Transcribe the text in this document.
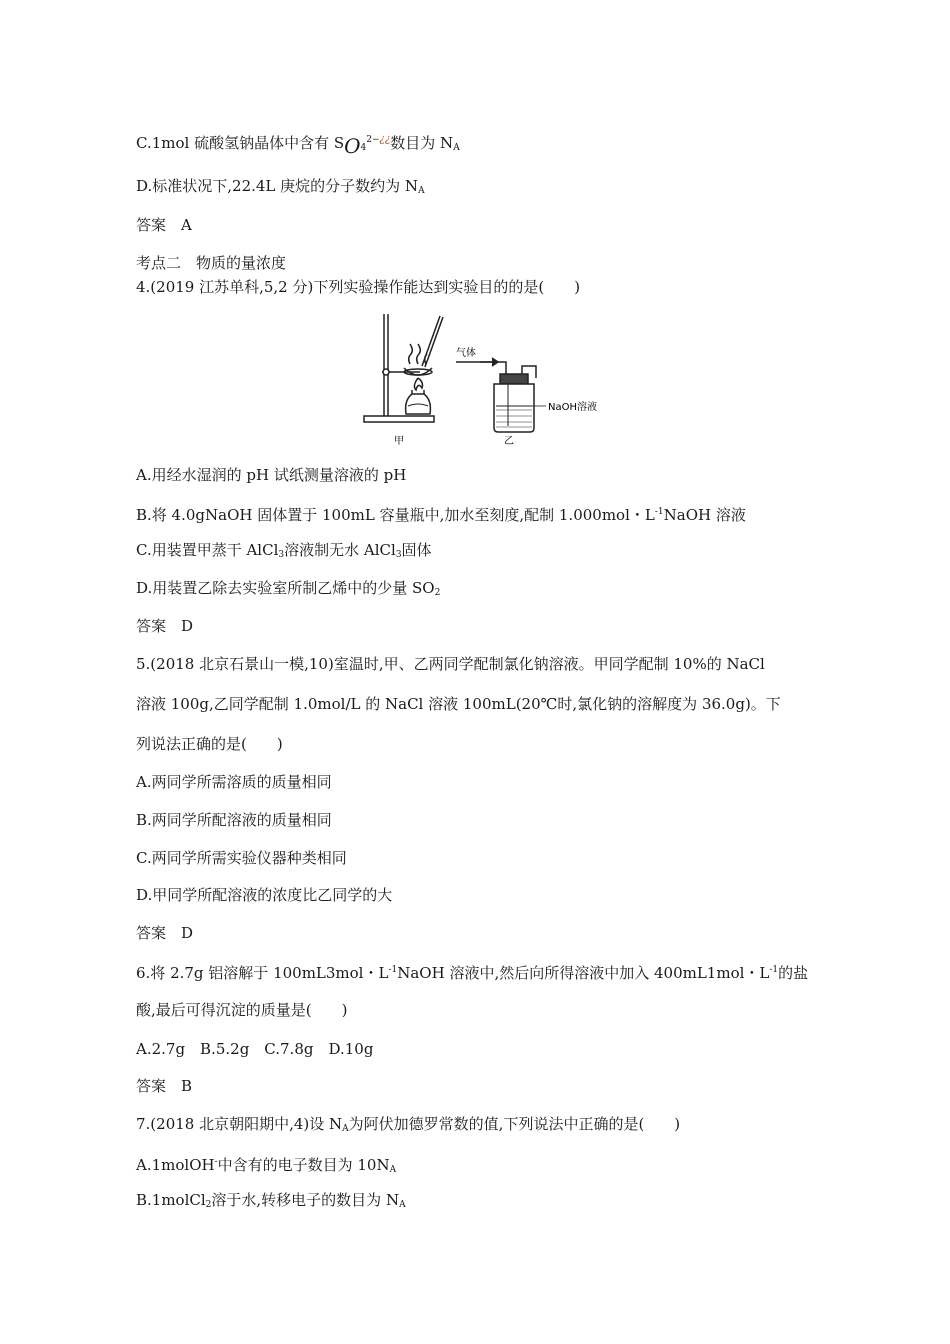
C.1mol 硫酸氢钠晶体中含有 $SO_4^{2-¿¿}$数目为 $N_A$
D.标准状况下,22.4L 庚烷的分子数约为 $N_A$
答案　A
考点二　物质的量浓度
4.(2019 江苏单科,5,2 分)下列实验操作能达到实验目的的是(　　)
气体
NaOH溶液
甲	乙
A.用经水湿润的 pH 试纸测量溶液的 pH
B.将 4.0gNaOH 固体置于 100mL 容量瓶中,加水至刻度,配制 1.000mol・$L^{-1}NaOH$ 溶液
C.用装置甲蒸干 AlCl$_3$溶液制无水 AlCl$_3$固体
D.用装置乙除去实验室所制乙烯中的少量 $SO_2$
答案　D
5.(2018 北京石景山一模,10)室温时,甲、乙两同学配制氯化钠溶液。甲同学配制 10%的 NaCl
溶液 100g,乙同学配制 1.0mol/L 的 NaCl 溶液 100mL(20℃时,氯化钠的溶解度为 36.0g)。下
列说法正确的是(　　)
A.两同学所需溶质的质量相同
B.两同学所配溶液的质量相同
C.两同学所需实验仪器种类相同
D.甲同学所配溶液的浓度比乙同学的大
答案　D
6.将 2.7g 铝溶解于 100mL3mol・$L^{-1}NaOH$ 溶液中,然后向所得溶液中加入 400mL1mol・$L^{-1}$的盐
酸,最后可得沉淀的质量是(　　)
A.2.7g　B.5.2g　C.7.8g　D.10g
答案　B
7.(2018 北京朝阳期中,4)设 $N_A$为阿伏加德罗常数的值,下列说法中正确的是(　　)
A.1molOH-中含有的电子数目为 $10N_A$
B.1molCl$_2$溶于水,转移电子的数目为 $N_A$
